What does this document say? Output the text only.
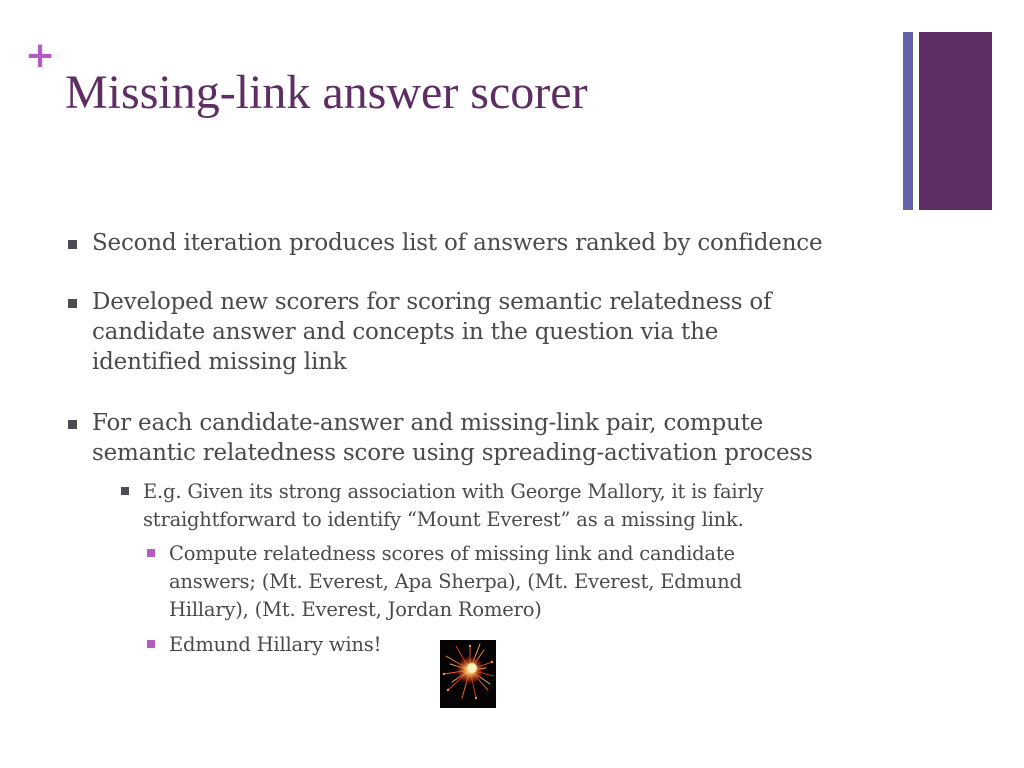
+
Missing-link answer scorer
Second iteration produces list of answers ranked by confidence
Developed new scorers for scoring semantic relatedness of
candidate answer and concepts in the question via the
identified missing link
For each candidate-answer and missing-link pair, compute
semantic relatedness score using spreading-activation process
E.g. Given its strong association with George Mallory, it is fairly
straightforward to identify “Mount Everest” as a missing link.
Compute relatedness scores of missing link and candidate
answers; (Mt. Everest, Apa Sherpa), (Mt. Everest, Edmund
Hillary), (Mt. Everest, Jordan Romero)
Edmund Hillary wins!
